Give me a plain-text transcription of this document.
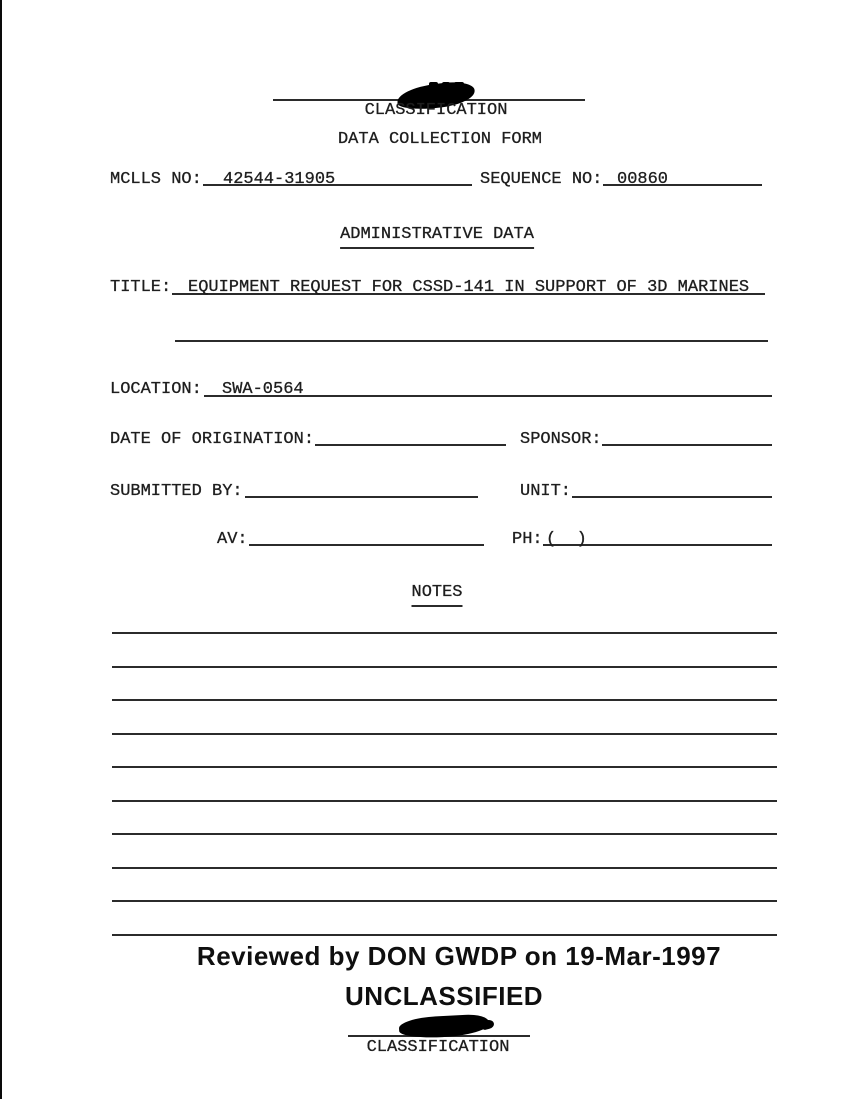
CLASSIFICATION
DATA COLLECTION FORM
MCLLS NO: 42544-31905	SEQUENCE NO: 00860
ADMINISTRATIVE DATA
TITLE: EQUIPMENT REQUEST FOR CSSD-141 IN SUPPORT OF 3D MARINES
LOCATION: SWA-0564
DATE OF ORIGINATION:	SPONSOR:
SUBMITTED BY:	UNIT:
AV:	PH: (  )
NOTES
Reviewed by DON GWDP on 19-Mar-1997
UNCLASSIFIED
CLASSIFICATION
